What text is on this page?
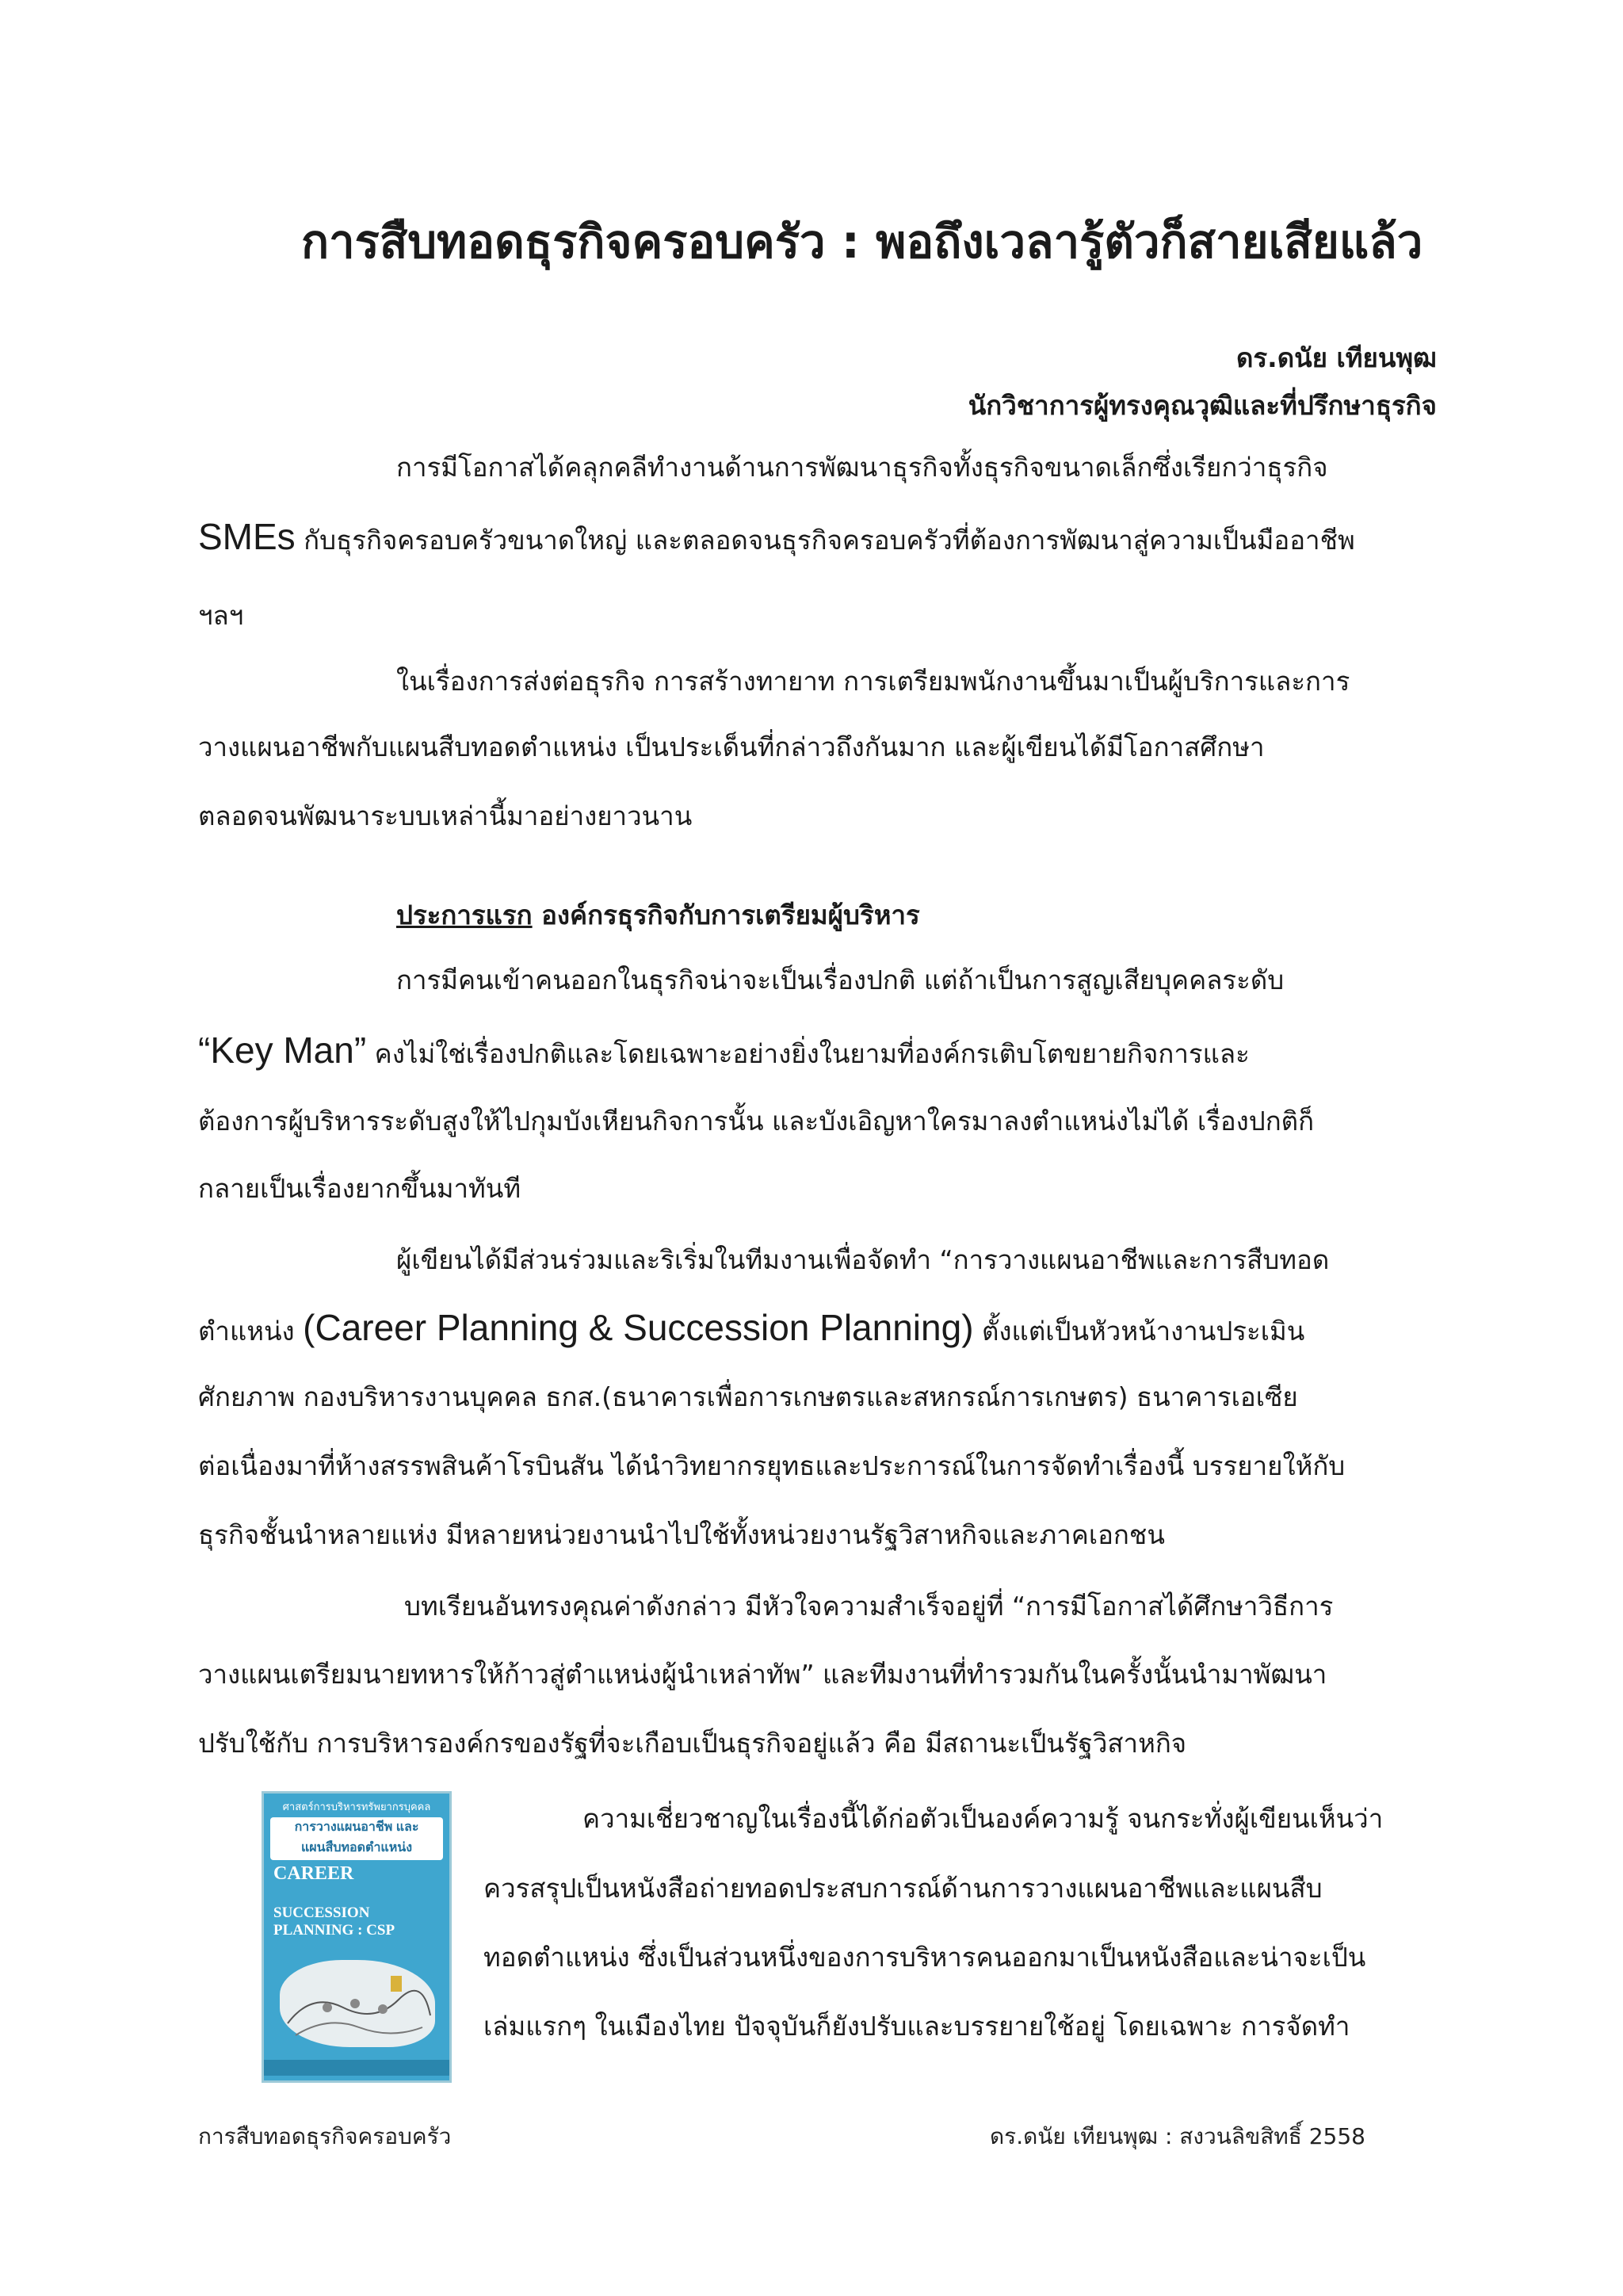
การสืบทอดธุรกิจครอบครัว : พอถึงเวลารู้ตัวก็สายเสียแล้ว
ดร.ดนัย เทียนพุฒ
นักวิชาการผู้ทรงคุณวุฒิและที่ปรึกษาธุรกิจ
การมีโอกาสได้คลุกคลีทำงานด้านการพัฒนาธุรกิจทั้งธุรกิจขนาดเล็กซึ่งเรียกว่าธุรกิจ
SMEs กับธุรกิจครอบครัวขนาดใหญ่ และตลอดจนธุรกิจครอบครัวที่ต้องการพัฒนาสู่ความเป็นมืออาชีพ
ฯลฯ
ในเรื่องการส่งต่อธุรกิจ การสร้างทายาท การเตรียมพนักงานขึ้นมาเป็นผู้บริการและการ
วางแผนอาชีพกับแผนสืบทอดตำแหน่ง เป็นประเด็นที่กล่าวถึงกันมาก และผู้เขียนได้มีโอกาสศึกษา
ตลอดจนพัฒนาระบบเหล่านี้มาอย่างยาวนาน
ประการแรก องค์กรธุรกิจกับการเตรียมผู้บริหาร
การมีคนเข้าคนออกในธุรกิจน่าจะเป็นเรื่องปกติ แต่ถ้าเป็นการสูญเสียบุคคลระดับ
“Key Man” คงไม่ใช่เรื่องปกติและโดยเฉพาะอย่างยิ่งในยามที่องค์กรเติบโตขยายกิจการและ
ต้องการผู้บริหารระดับสูงให้ไปกุมบังเหียนกิจการนั้น และบังเอิญหาใครมาลงตำแหน่งไม่ได้ เรื่องปกติก็
กลายเป็นเรื่องยากขึ้นมาทันที
ผู้เขียนได้มีส่วนร่วมและริเริ่มในทีมงานเพื่อจัดทำ “การวางแผนอาชีพและการสืบทอด
ตำแหน่ง (Career Planning & Succession Planning) ตั้งแต่เป็นหัวหน้างานประเมิน
ศักยภาพ กองบริหารงานบุคคล ธกส.(ธนาคารเพื่อการเกษตรและสหกรณ์การเกษตร) ธนาคารเอเซีย
ต่อเนื่องมาที่ห้างสรรพสินค้าโรบินสัน ได้นำวิทยากรยุทธและประการณ์ในการจัดทำเรื่องนี้ บรรยายให้กับ
ธุรกิจชั้นนำหลายแห่ง มีหลายหน่วยงานนำไปใช้ทั้งหน่วยงานรัฐวิสาหกิจและภาคเอกชน
บทเรียนอันทรงคุณค่าดังกล่าว มีหัวใจความสำเร็จอยู่ที่ “การมีโอกาสได้ศึกษาวิธีการ
วางแผนเตรียมนายทหารให้ก้าวสู่ตำแหน่งผู้นำเหล่าทัพ” และทีมงานที่ทำรวมกันในครั้งนั้นนำมาพัฒนา
ปรับใช้กับ การบริหารองค์กรของรัฐที่จะเกือบเป็นธุรกิจอยู่แล้ว คือ มีสถานะเป็นรัฐวิสาหกิจ
ศาสตร์การบริหารทรัพยากรบุคคล
การวางแผนอาชีพ และ
แผนสืบทอดตำแหน่ง
CAREER
SUCCESSION PLANNING : CSP
ความเชี่ยวชาญในเรื่องนี้ได้ก่อตัวเป็นองค์ความรู้ จนกระทั่งผู้เขียนเห็นว่า
ควรสรุปเป็นหนังสือถ่ายทอดประสบการณ์ด้านการวางแผนอาชีพและแผนสืบ
ทอดตำแหน่ง ซึ่งเป็นส่วนหนึ่งของการบริหารคนออกมาเป็นหนังสือและน่าจะเป็น
เล่มแรกๆ ในเมืองไทย ปัจจุบันก็ยังปรับและบรรยายใช้อยู่ โดยเฉพาะ การจัดทำ
การสืบทอดธุรกิจครอบครัว	ดร.ดนัย เทียนพุฒ : สงวนลิขสิทธิ์ 2558
